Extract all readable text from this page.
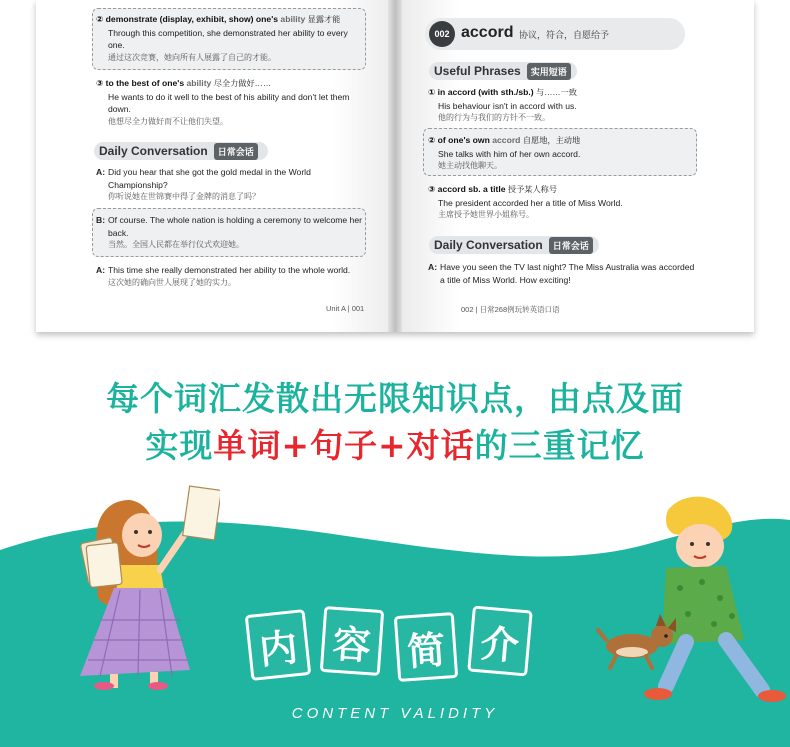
② demonstrate (display, exhibit, show) one's ability 显露才能
Through this competition, she demonstrated her ability to every one.
通过这次竞赛，她向所有人展露了自己的才能。
③ to the best of one's ability 尽全力做好……
He wants to do it well to the best of his ability and don't let them down.
他想尽全力做好而不让他们失望。
Daily Conversation	日常会话
A: Did you hear that she got the gold medal in the World Championship?
你听说她在世锦赛中得了金牌的消息了吗？
B: Of course. The whole nation is holding a ceremony to welcome her back.
当然。全国人民都在举行仪式欢迎她。
A: This time she really demonstrated her ability to the whole world.
这次她的确向世人展现了她的实力。
Unit A | 001
002 accord 协议，符合，自愿给予
Useful Phrases	实用短语
① in accord (with sth./sb.) 与……一致
His behaviour isn't in accord with us.
他的行为与我们的方针不一致。
② of one's own accord 自愿地，主动地
She talks with him of her own accord.
她主动找他聊天。
③ accord sb. a title 授予某人称号
The president accorded her a title of Miss World.
主席授予她世界小姐称号。
Daily Conversation	日常会话
A: Have you seen the TV last night? The Miss Australia was accorded a title of Miss World. How exciting!
002 | 日常268例玩转英语口语
每个词汇发散出无限知识点，由点及面
实现单词+句子+对话的三重记忆
内 容 简 介
CONTENT VALIDITY
